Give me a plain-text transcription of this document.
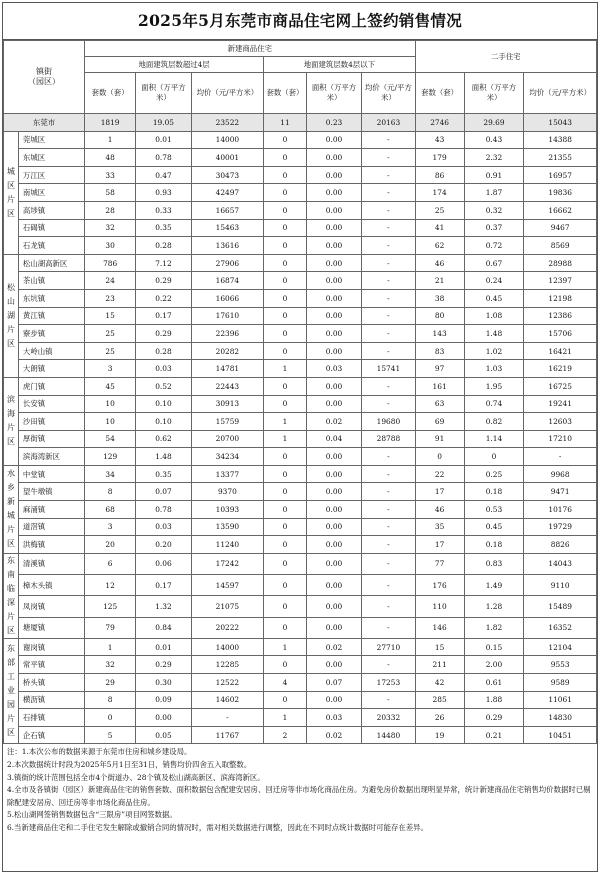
2025年5月东莞市商品住宅网上签约销售情况
镇街
（园区）		新建商品住宅						二手住宅		
		地面建筑层数超过4层			地面建筑层数4层以下					
		套数（套）	面积（万平方米）	均价（元/平方米）	套数（套）	面积（万平方米）	均价（元/平方米）	套数（套）	面积（万平方米）	均价（元/平方米）
东莞市		1819	19.05	23522	11	0.23	20163	2746	29.69	15043
城区片区	莞城区	1	0.01	14000	0	0.00	-	43	0.43	14388
	东城区	48	0.78	40001	0	0.00	-	179	2.32	21355
	万江区	33	0.47	30473	0	0.00	-	86	0.91	16957
	南城区	58	0.93	42497	0	0.00	-	174	1.87	19836
	高埗镇	28	0.33	16657	0	0.00	-	25	0.32	16662
	石碣镇	32	0.35	15463	0	0.00	-	41	0.37	9467
	石龙镇	30	0.28	13616	0	0.00	-	62	0.72	8569
松山湖片区	松山湖高新区	786	7.12	27906	0	0.00	-	46	0.67	28988
	茶山镇	24	0.29	16874	0	0.00	-	21	0.24	12397
	东坑镇	23	0.22	16066	0	0.00	-	38	0.45	12198
	黄江镇	15	0.17	17610	0	0.00	-	80	1.08	12386
	寮步镇	25	0.29	22396	0	0.00	-	143	1.48	15706
	大岭山镇	25	0.28	20282	0	0.00	-	83	1.02	16421
	大朗镇	3	0.03	14781	1	0.03	15741	97	1.03	16219
滨海片区	虎门镇	45	0.52	22443	0	0.00	-	161	1.95	16725
	长安镇	10	0.10	30913	0	0.00	-	63	0.74	19241
	沙田镇	10	0.10	15759	1	0.02	19680	69	0.82	12603
	厚街镇	54	0.62	20700	1	0.04	28788	91	1.14	17210
	滨海湾新区	129	1.48	34234	0	0.00	-	0	0	-
水乡新城片区	中堂镇	34	0.35	13377	0	0.00	-	22	0.25	9968
	望牛墩镇	8	0.07	9370	0	0.00	-	17	0.18	9471
	麻涌镇	68	0.78	10393	0	0.00	-	46	0.53	10176
	道滘镇	3	0.03	13590	0	0.00	-	35	0.45	19729
	洪梅镇	20	0.20	11240	0	0.00	-	17	0.18	8826
东南临深片区	清溪镇	6	0.06	17242	0	0.00	-	77	0.83	14043
	樟木头镇	12	0.17	14597	0	0.00	-	176	1.49	9110
	凤岗镇	125	1.32	21075	0	0.00	-	110	1.28	15489
	塘厦镇	79	0.84	20222	0	0.00	-	146	1.82	16352
东部工业园片区	谢岗镇	1	0.01	14000	1	0.02	27710	15	0.15	12104
	常平镇	32	0.29	12285	0	0.00	-	211	2.00	9553
	桥头镇	29	0.30	12522	4	0.07	17253	42	0.61	9589
	横沥镇	8	0.09	14602	0	0.00	-	285	1.88	11061
	石排镇	0	0.00	-	1	0.03	20332	26	0.29	14830
	企石镇	5	0.05	11767	2	0.02	14480	19	0.21	10451
注：1.本次公布的数据来源于东莞市住房和城乡建设局。
2.本次数据统计时段为2025年5月1日至31日，销售均价四舍五入取整数。
3.镇街的统计范围包括全市4个街道办、28个镇及松山湖高新区、滨海湾新区。
4.全市及各镇街（园区）新建商品住宅的销售套数、面积数据包含配建安居房、回迁房等非市场化商品住房。为避免房价数据出现明显异常，统计新建商品住宅销售均价数据时已剔除配建安居房、回迁房等非市场化商品住房。
5.松山湖网签销售数据包含“三限房”项目网签数据。
6.当新建商品住宅和二手住宅发生解除或撤销合同的情况时，需对相关数据进行调整，因此在不同时点统计数据时可能存在差异。
